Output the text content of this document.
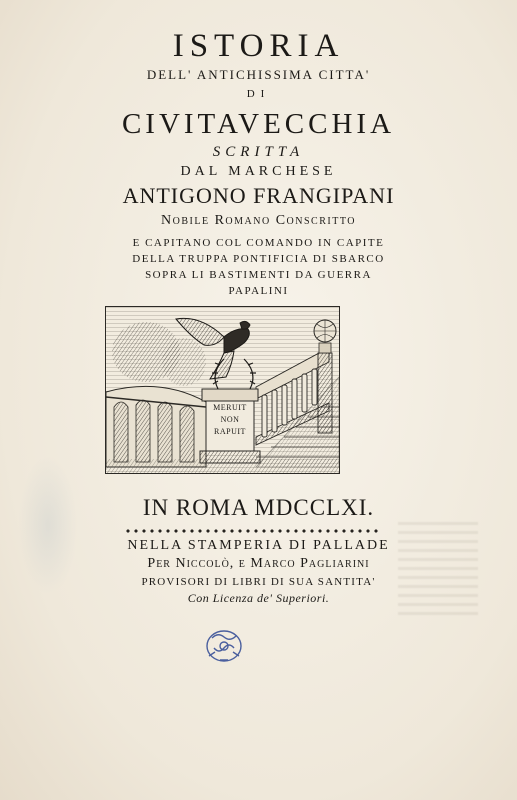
ISTORIA
DELL' ANTICHISSIMA CITTA'
DI
CIVITAVECCHIA
SCRITTA
DAL MARCHESE
ANTIGONO FRANGIPANI
Nobile Romano Conscritto
E CAPITANO COL COMANDO IN CAPITE
DELLA TRUPPA PONTIFICIA DI SBARCO
SOPRA LI BASTIMENTI DA GUERRA
PAPALINI
MERUIT
NON
RAPUIT
IN ROMA MDCCLXI.
NELLA STAMPERIA DI PALLADE
Per Niccolò, e Marco Pagliarini
PROVISORI DI LIBRI DI SUA SANTITA'
Con Licenza de' Superiori.
